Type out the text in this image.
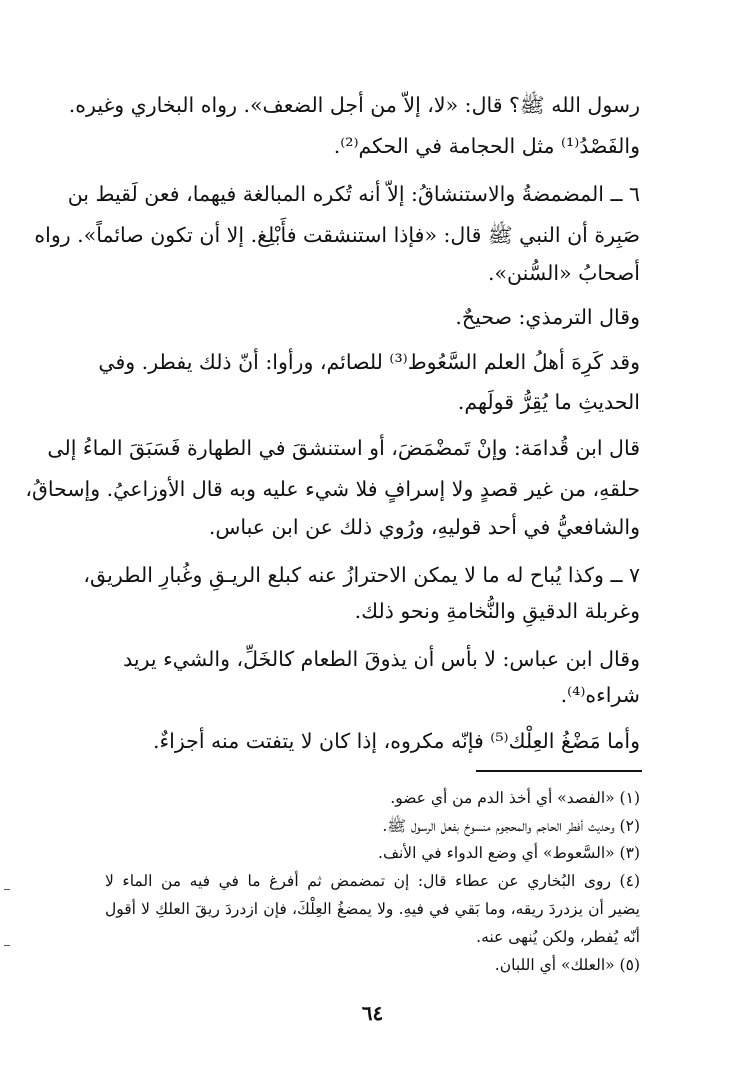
رسول الله ﷺ؟ قال: «لا، إلاّ من أجل الضعف». رواه البخاري وغيره.
والفَصْدُ⁽¹⁾ مثل الحجامة في الحكم⁽²⁾.
٦ ــ المضمضةُ والاستنشاقُ: إلاّ أنه تُكره المبالغة فيهما، فعن لَقيط بن
صَبِرة أن النبي ﷺ قال: «فإذا استنشقت فأَبْلِغ. إلا أن تكون صائماً». رواه
أصحابُ «السُّنن».
وقال الترمذي: صحيحٌ.
وقد كَرِهَ أهلُ العلم السَّعُوط⁽³⁾ للصائم، ورأوا: أنّ ذلك يفطر. وفي
الحديثِ ما يُقِرُّ قولَهم.
قال ابن قُدامَة: وإنْ تَمضْمَضَ، أو استنشقَ في الطهارة فَسَبَقَ الماءُ إلى
حلقهِ، من غير قصدٍ ولا إسرافٍ فلا شيء عليه وبه قال الأوزاعيُ. وإسحاقُ،
والشافعيُّ في أحد قوليهِ، ورُوي ذلك عن ابن عباس.
٧ ــ وكذا يُباح له ما لا يمكن الاحترازُ عنه كبلع الريـقِ وغُبارِ الطريق،
وغربلة الدقيقِ والنُّخامةِ ونحو ذلك.
وقال ابن عباس: لا بأس أن يذوقَ الطعام كالخَلِّ، والشيء يريد
شراءه⁽⁴⁾.
وأما مَضْغُ العِلْك⁽⁵⁾ فإنّه مكروه، إذا كان لا يتفتت منه أجزاءٌ.
(١) «الفصد» أي أخذ الدم من أي عضو.
(٢) وحديث أفطر الحاجم والمحجوم منسوخ بفعل الرسول ﷺ.
(٣) «السَّعوط» أي وضع الدواء في الأنف.
(٤) روى البُخاري عن عطاء قال: إن تمضمض ثم أفرغ ما في فيه من الماء لا
يضير أن يزدردَ ريقه، وما بَقي في فيهِ. ولا يمضغُ العِلْكَ، فإن ازدردَ ريقَ العلكِ لا أقول
أنّه يُفطر، ولكن يُنهى عنه.
(٥) «العلك» أي اللبان.
٦٤
